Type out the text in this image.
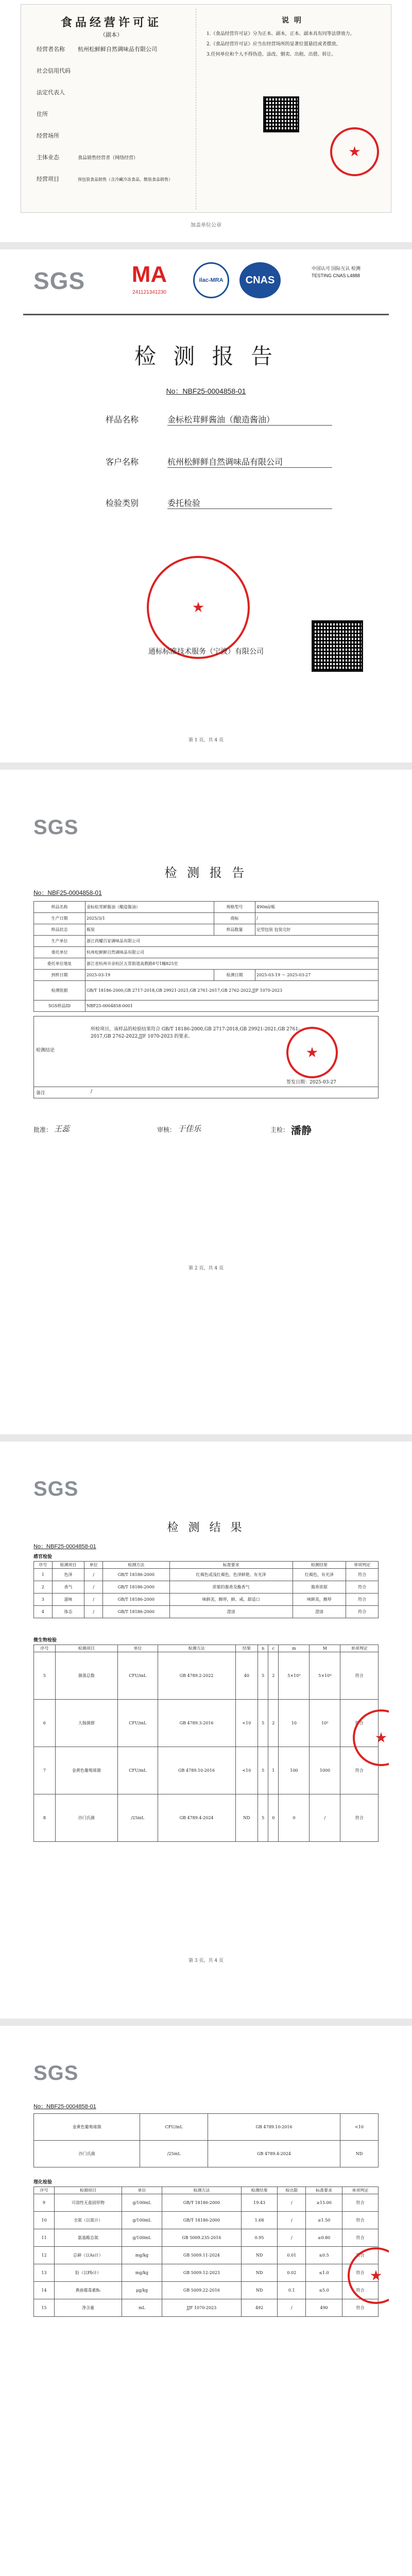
食品经营许可证
（副本）
经营者名称 杭州松鲜鲜自然调味品有限公司
社会信用代码
法定代表人
住所
经营场所
主体业态	食品销售经营者（网络经营）
经营项目	预包装食品销售（含冷藏冷冻食品、散装食品销售）
说明
1.《食品经营许可证》分为正本、副本，正本、副本具有同等法律效力。
2.《食品经营许可证》应当在经营场所的显著位置悬挂或者摆放。
3.任何单位和个人不得伪造、涂改、倒卖、出租、出借、转让。
加盖单位公章
SGS	MA
241121341230
ilac-MRA	CNAS
中国认可 国际互认 检测 TESTING CNAS L4888
检 测 报 告
No：NBF25-0004858-01
样品名称	金标松茸鲜酱油（酿造酱油）
客户名称	杭州松鲜鲜自然调味品有限公司
检验类别	委托检验
通标标准技术服务（宁波）有限公司
第 1 页，共 4 页
SGS
检 测 报 告
No：NBF25-0004858-01
样品名称	金标松茸鲜酱油（酿造酱油）	规格型号	490ml/瓶
生产日期	2025/3/1	商标	/
样品状态	瓶装	样品数量	定型包装 包装完好
生产单位	浙江尚耀百家调味品有限公司		
委托单位	杭州松鲜鲜自然调味品有限公司		
委托单位地址	浙江省杭州市余杭区五常街道高教路8号1幢825室		
到样日期	2025-03-19	检测日期	2025-03-19 ～ 2025-03-27
检测依据	GB/T 18186-2000,GB 2717-2018,GB 29921-2021,GB 2761-2017,GB 2762-2022,JJF 1070-2023		
SGS样品ID	NBF25-0004858-0001		
检测结论
所检项目，该样品的检验结果符合 GB/T 18186-2000,GB 2717-2018,GB 29921-2021,GB 2761-2017,GB 2762-2022,JJF 1070-2023 的要求。
签发日期：2025-03-27
备注	/
批准： 王蕊	审核： 于佳乐	主检： 潘静
第 2 页，共 4 页
SGS
检 测 结 果
No：NBF25-0004858-01
感官检验
序号	检测项目	单位	检测方法	标准要求	检测结果	单项判定
1	色泽	/	GB/T 18186-2000	红褐色或浅红褐色，色泽鲜艳，有光泽	红褐色，有光泽	符合
2	香气	/	GB/T 18186-2000	浓郁的酱香及酯香气	酱香浓郁	符合
3	滋味	/	GB/T 18186-2000	味鲜美，醇厚，鲜、咸、甜适口	味鲜美，醇厚	符合
4	体态	/	GB/T 18186-2000	澄清	澄清	符合
微生物检验
序号	检测项目	单位	检测方法	结果	n	c	m	M	单项判定
5	菌落总数	CFU/mL	GB 4789.2-2022	40	5	2	5×10³	5×10⁴	符合
6	大肠菌群	CFU/mL	GB 4789.3-2016	<10	5	2	10	10²	符合
7	金黄色葡萄球菌	CFU/mL	GB 4789.10-2016	<10	5	1	100	1000	符合
8	沙门氏菌	/25mL	GB 4789.4-2024	ND	5	0	0	/	符合
第 3 页，共 4 页
SGS
No：NBF25-0004858-01
金黄色葡萄球菌	CFU/mL	GB 4789.10-2016	<10
沙门氏菌	/25mL	GB 4789.4-2024	ND
理化检验
序号	检测项目	单位	检测方法	检测结果	检出限	标准要求	单项判定
9	可溶性无盐固形物	g/100mL	GB/T 18186-2000	19.43	/	≥15.00	符合
10	全氮（以氮计）	g/100mL	GB/T 18186-2000	1.68	/	≥1.50	符合
11	氨基酸态氮	g/100mL	GB 5009.235-2016	0.95	/	≥0.80	符合
12	总砷（以As计）	mg/kg	GB 5009.11-2024	ND	0.01	≤0.5	符合
13	铅（以Pb计）	mg/kg	GB 5009.12-2023	ND	0.02	≤1.0	符合
14	黄曲霉毒素B₁	μg/kg	GB 5009.22-2016	ND	0.1	≤5.0	符合
15	净含量	mL	JJF 1070-2023	492	/	490	符合
